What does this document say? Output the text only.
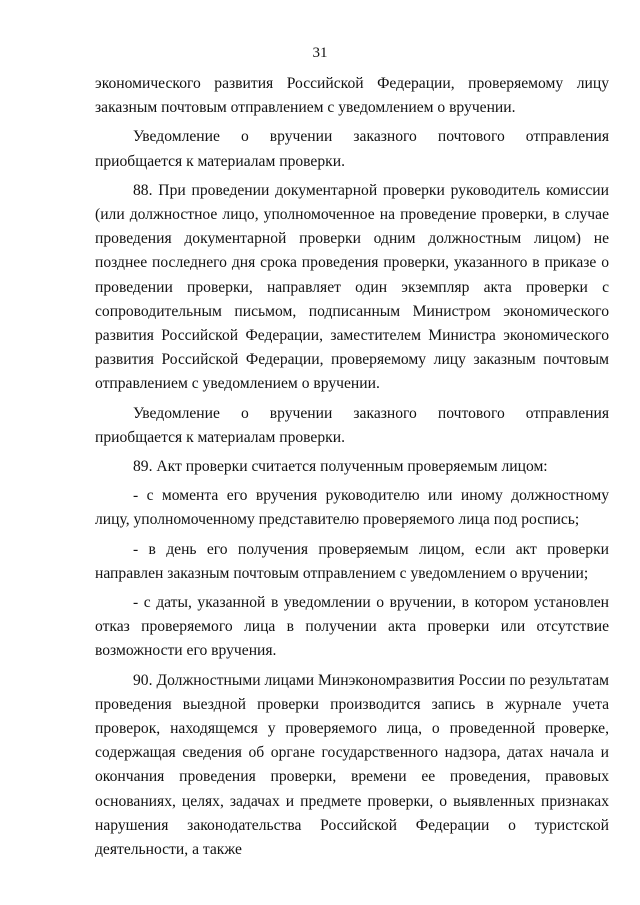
31

экономического развития Российской Федерации, проверяемому лицу заказным почтовым отправлением с уведомлением о вручении.

Уведомление о вручении заказного почтового отправления приобщается к материалам проверки.

88. При проведении документарной проверки руководитель комиссии (или должностное лицо, уполномоченное на проведение проверки, в случае проведения документарной проверки одним должностным лицом) не позднее последнего дня срока проведения проверки, указанного в приказе о проведении проверки, направляет один экземпляр акта проверки с сопроводительным письмом, подписанным Министром экономического развития Российской Федерации, заместителем Министра экономического развития Российской Федерации, проверяемому лицу заказным почтовым отправлением с уведомлением о вручении.

Уведомление о вручении заказного почтового отправления приобщается к материалам проверки.

89. Акт проверки считается полученным проверяемым лицом:

- с момента его вручения руководителю или иному должностному лицу, уполномоченному представителю проверяемого лица под роспись;

- в день его получения проверяемым лицом, если акт проверки направлен заказным почтовым отправлением с уведомлением о вручении;

- с даты, указанной в уведомлении о вручении, в котором установлен отказ проверяемого лица в получении акта проверки или отсутствие возможности его вручения.

90. Должностными лицами Минэкономразвития России по результатам проведения выездной проверки производится запись в журнале учета проверок, находящемся у проверяемого лица, о проведенной проверке, содержащая сведения об органе государственного надзора, датах начала и окончания проведения проверки, времени ее проведения, правовых основаниях, целях, задачах и предмете проверки, о выявленных признаках нарушения законодательства Российской Федерации о туристской деятельности, а также
